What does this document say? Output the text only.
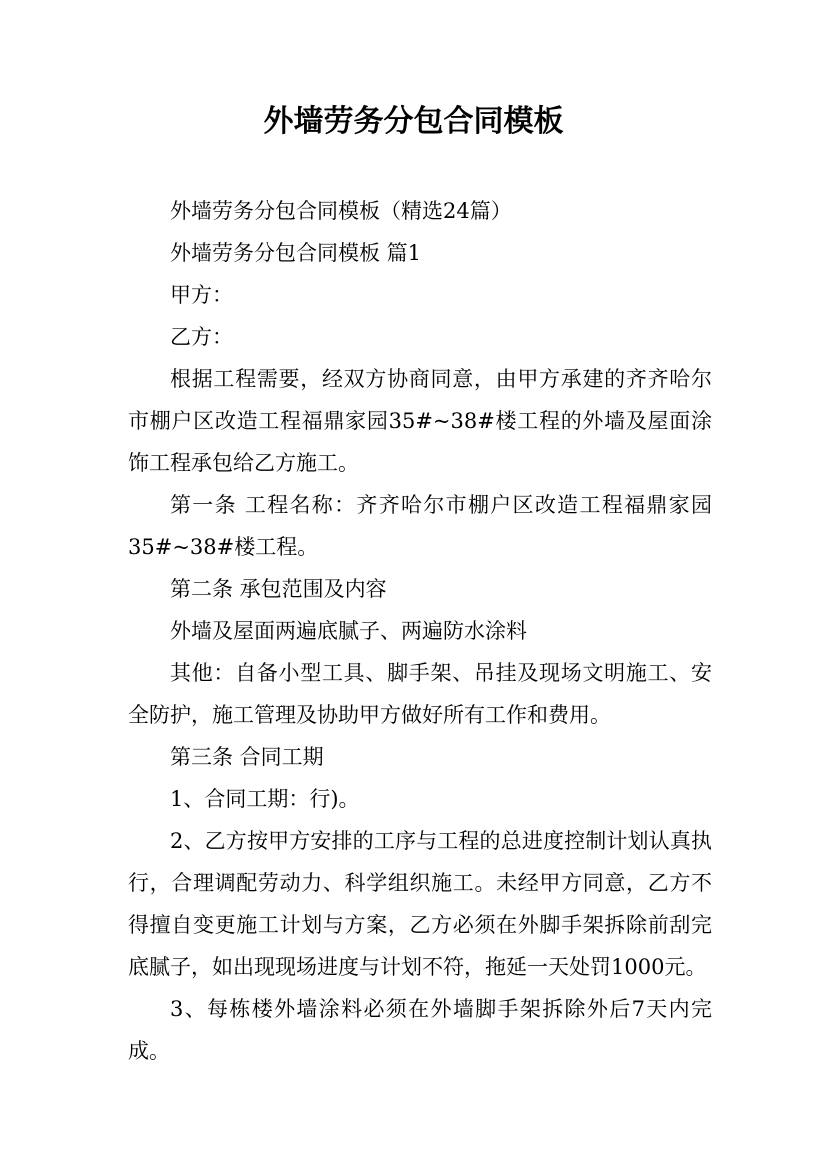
外墙劳务分包合同模板

外墙劳务分包合同模板（精选24篇）

外墙劳务分包合同模板 篇1

甲方：

乙方：

根据工程需要，经双方协商同意，由甲方承建的齐齐哈尔市棚户区改造工程福鼎家园35#~38#楼工程的外墙及屋面涂饰工程承包给乙方施工。

第一条 工程名称：齐齐哈尔市棚户区改造工程福鼎家园35#~38#楼工程。

第二条 承包范围及内容

外墙及屋面两遍底腻子、两遍防水涂料

其他：自备小型工具、脚手架、吊挂及现场文明施工、安全防护，施工管理及协助甲方做好所有工作和费用。

第三条 合同工期

1、合同工期：行)。

2、乙方按甲方安排的工序与工程的总进度控制计划认真执行，合理调配劳动力、科学组织施工。未经甲方同意，乙方不得擅自变更施工计划与方案，乙方必须在外脚手架拆除前刮完底腻子，如出现现场进度与计划不符，拖延一天处罚1000元。

3、每栋楼外墙涂料必须在外墙脚手架拆除外后7天内完成。
